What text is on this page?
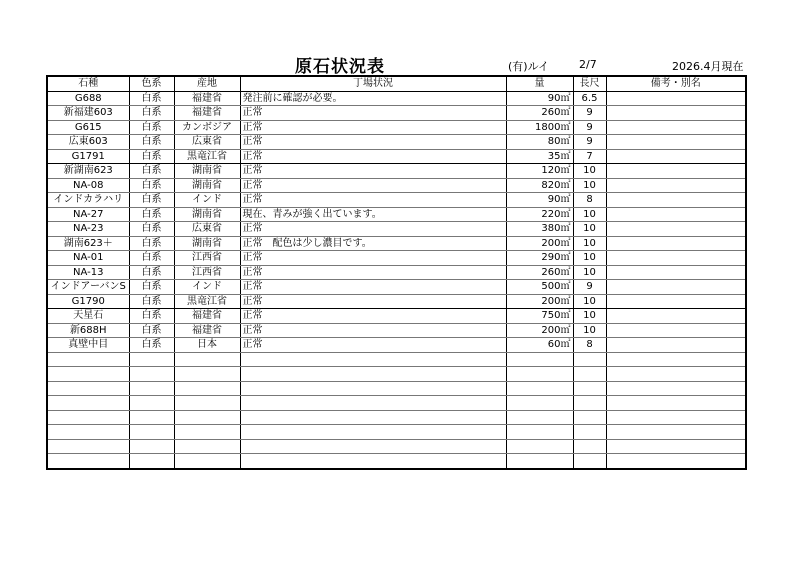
原石状況表	(有)ルイ	2/7	2026.4月現在
石種	色系	産地	丁場状況	量	長尺	備考・別名
G688	白系	福建省	発注前に確認が必要。	90㎡	6.5	
新福建603	白系	福建省	正常	260㎡	9	
G615	白系	カンボジア	正常	1800㎡	9	
広東603	白系	広東省	正常	80㎡	9	
G1791	白系	黒竜江省	正常	35㎡	7	
新湖南623	白系	湖南省	正常	120㎡	10	
NA-08	白系	湖南省	正常	820㎡	10	
インドカラハリ	白系	インド	正常	90㎡	8	
NA-27	白系	湖南省	現在、青みが強く出ています。	220㎡	10	
NA-23	白系	広東省	正常	380㎡	10	
湖南623＋	白系	湖南省	正常　配色は少し濃目です。	200㎡	10	
NA-01	白系	江西省	正常	290㎡	10	
NA-13	白系	江西省	正常	260㎡	10	
インドアーバンS	白系	インド	正常	500㎡	9	
G1790	白系	黒竜江省	正常	200㎡	10	
天星石	白系	福建省	正常	750㎡	10	
新688H	白系	福建省	正常	200㎡	10	
真壁中目	白系	日本	正常	60㎡	8	
